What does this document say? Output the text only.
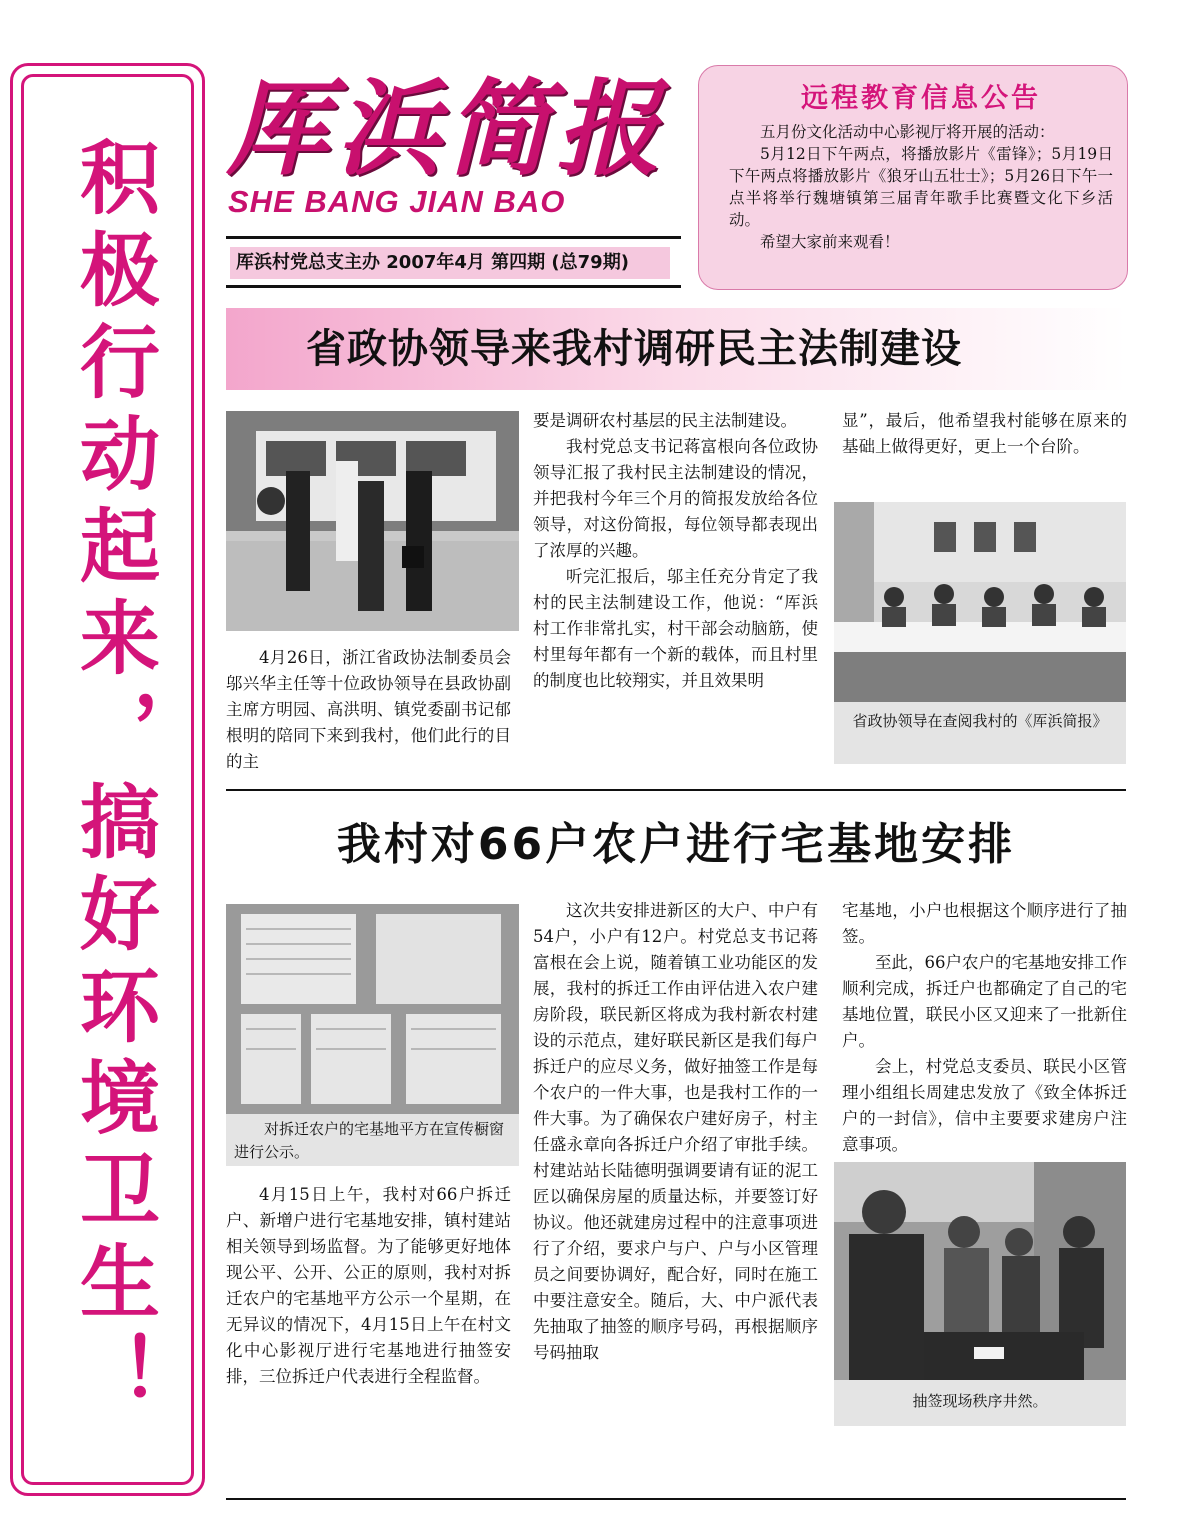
积极行动起来，搞好环境卫生！
厍浜简报
SHE BANG JIAN BAO
厍浜村党总支主办 2007年4月 第四期 (总79期)
远程教育信息公告

五月份文化活动中心影视厅将开展的活动：

5月12日下午两点，将播放影片《雷锋》；5月19日下午两点将播放影片《狼牙山五壮士》；5月26日下午一点半将举行魏塘镇第三届青年歌手比赛暨文化下乡活动。

希望大家前来观看！

省政协领导来我村调研民主法制建设

4月26日，浙江省政协法制委员会邬兴华主任等十位政协领导在县政协副主席方明园、高洪明、镇党委副书记郁根明的陪同下来到我村，他们此行的目的主

要是调研农村基层的民主法制建设。

我村党总支书记蒋富根向各位政协领导汇报了我村民主法制建设的情况，并把我村今年三个月的简报发放给各位领导，对这份简报，每位领导都表现出了浓厚的兴趣。

听完汇报后，邬主任充分肯定了我村的民主法制建设工作，他说：“厍浜村工作非常扎实，村干部会动脑筋，使村里每年都有一个新的载体，而且村里的制度也比较翔实，并且效果明

显”，最后，他希望我村能够在原来的基础上做得更好，更上一个台阶。

省政协领导在查阅我村的《厍浜简报》
我村对66户农户进行宅基地安排
对拆迁农户的宅基地平方在宣传橱窗进行公示。

4月15日上午，我村对66户拆迁户、新增户进行宅基地安排，镇村建站相关领导到场监督。为了能够更好地体现公平、公开、公正的原则，我村对拆迁农户的宅基地平方公示一个星期，在无异议的情况下，4月15日上午在村文化中心影视厅进行宅基地进行抽签安排，三位拆迁户代表进行全程监督。

这次共安排进新区的大户、中户有54户，小户有12户。村党总支书记蒋富根在会上说，随着镇工业功能区的发展，我村的拆迁工作由评估进入农户建房阶段，联民新区将成为我村新农村建设的示范点，建好联民新区是我们每户拆迁户的应尽义务，做好抽签工作是每个农户的一件大事，也是我村工作的一件大事。为了确保农户建好房子，村主任盛永章向各拆迁户介绍了审批手续。村建站站长陆德明强调要请有证的泥工匠以确保房屋的质量达标，并要签订好协议。他还就建房过程中的注意事项进行了介绍，要求户与户、户与小区管理员之间要协调好，配合好，同时在施工中要注意安全。随后，大、中户派代表先抽取了抽签的顺序号码，再根据顺序号码抽取

宅基地，小户也根据这个顺序进行了抽签。

至此，66户农户的宅基地安排工作顺利完成，拆迁户也都确定了自己的宅基地位置，联民小区又迎来了一批新住户。

会上，村党总支委员、联民小区管理小组组长周建忠发放了《致全体拆迁户的一封信》，信中主要要求建房户注意事项。

抽签现场秩序井然。
